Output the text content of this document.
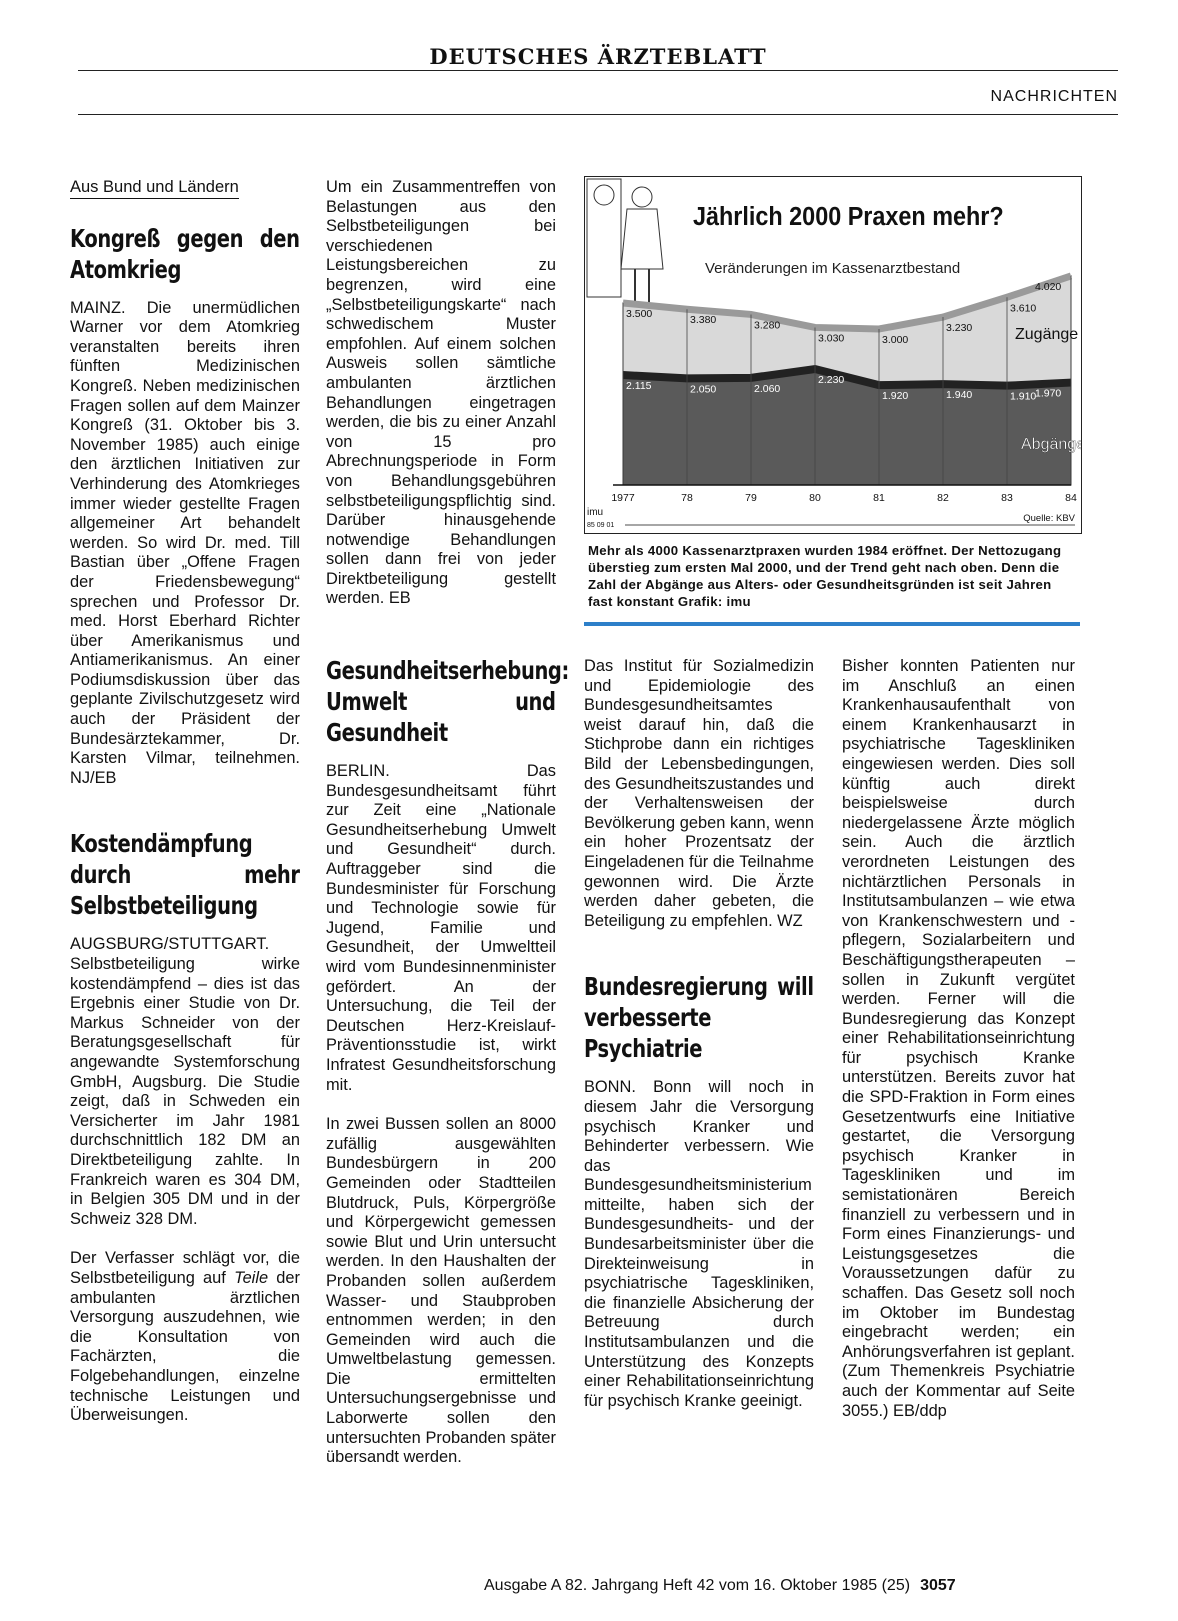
DEUTSCHES ÄRZTEBLATT
NACHRICHTEN
Aus Bund und Ländern
Kongreß gegen den Atomkrieg

MAINZ. Die unermüdlichen Warner vor dem Atomkrieg veranstalten bereits ihren fünften Medizinischen Kongreß. Neben medizinischen Fragen sollen auf dem Mainzer Kongreß (31. Oktober bis 3. November 1985) auch einige den ärztlichen Initiativen zur Verhinderung des Atomkrieges immer wieder gestellte Fragen allgemeiner Art behandelt werden. So wird Dr. med. Till Bastian über „Offene Fragen der Friedensbewegung“ sprechen und Professor Dr. med. Horst Eberhard Richter über Amerikanismus und Antiamerikanismus. An einer Podiumsdiskussion über das geplante Zivilschutzgesetz wird auch der Präsident der Bundesärztekammer, Dr. Karsten Vilmar, teilnehmen. NJ/EB

Kostendämpfung durch mehr Selbstbeteiligung

AUGSBURG/STUTTGART. Selbstbeteiligung wirke kostendämpfend – dies ist das Ergebnis einer Studie von Dr. Markus Schneider von der Beratungsgesellschaft für angewandte Systemforschung GmbH, Augsburg. Die Studie zeigt, daß in Schweden ein Versicherter im Jahr 1981 durchschnittlich 182 DM an Direktbeteiligung zahlte. In Frankreich waren es 304 DM, in Belgien 305 DM und in der Schweiz 328 DM.

Der Verfasser schlägt vor, die Selbstbeteiligung auf Teile der ambulanten ärztlichen Versorgung auszudehnen, wie die Konsultation von Fachärzten, die Folgebehandlungen, einzelne technische Leistungen und Überweisungen.

Um ein Zusammentreffen von Belastungen aus den Selbstbeteiligungen bei verschiedenen Leistungsbereichen zu begrenzen, wird eine „Selbstbeteiligungskarte“ nach schwedischem Muster empfohlen. Auf einem solchen Ausweis sollen sämtliche ambulanten ärztlichen Behandlungen eingetragen werden, die bis zu einer Anzahl von 15 pro Abrechnungsperiode in Form von Behandlungsgebühren selbstbeteiligungspflichtig sind. Darüber hinausgehende notwendige Behandlungen sollen dann frei von jeder Direktbeteiligung gestellt werden. EB

Gesundheitserhebung: Umwelt und Gesundheit

BERLIN. Das Bundesgesundheitsamt führt zur Zeit eine „Nationale Gesundheitserhebung Umwelt und Gesundheit“ durch. Auftraggeber sind die Bundesminister für Forschung und Technologie sowie für Jugend, Familie und Gesundheit, der Umweltteil wird vom Bundesinnenminister gefördert. An der Untersuchung, die Teil der Deutschen Herz-Kreislauf-Präventionsstudie ist, wirkt Infratest Gesundheitsforschung mit.

In zwei Bussen sollen an 8000 zufällig ausgewählten Bundesbürgern in 200 Gemeinden oder Stadtteilen Blutdruck, Puls, Körpergröße und Körpergewicht gemessen sowie Blut und Urin untersucht werden. In den Haushalten der Probanden sollen außerdem Wasser- und Staubproben entnommen werden; in den Gemeinden wird auch die Umweltbelastung gemessen. Die ermittelten Untersuchungsergebnisse und Laborwerte sollen den untersuchten Probanden später übersandt werden.

Jährlich 2000 Praxen mehr?
Veränderungen im Kassenarztbestand
3.500
2.115
3.380
2.050
3.280
2.060
3.030
2.230
3.000
1.920
3.230
1.940
3.610
1.910
4.020
1.970
Zugänge
Abgänge
1977	78	79	80	81	82	83	84
imu
85 09 01
Quelle: KBV
Mehr als 4000 Kassenarztpraxen wurden 1984 eröffnet. Der Nettozugang überstieg zum ersten Mal 2000, und der Trend geht nach oben. Denn die Zahl der Abgänge aus Alters- oder Gesundheitsgründen ist seit Jahren fast konstant Grafik: imu

Das Institut für Sozialmedizin und Epidemiologie des Bundesgesundheitsamtes weist darauf hin, daß die Stichprobe dann ein richtiges Bild der Lebensbedingungen, des Gesundheitszustandes und der Verhaltensweisen der Bevölkerung geben kann, wenn ein hoher Prozentsatz der Eingeladenen für die Teilnahme gewonnen wird. Die Ärzte werden daher gebeten, die Beteiligung zu empfehlen. WZ

Bundesregierung will verbesserte Psychiatrie

BONN. Bonn will noch in diesem Jahr die Versorgung psychisch Kranker und Behinderter verbessern. Wie das Bundesgesundheitsministerium mitteilte, haben sich der Bundesgesundheits- und der Bundesarbeitsminister über die Direkteinweisung in psychiatrische Tageskliniken, die finanzielle Absicherung der Betreuung durch Institutsambulanzen und die Unterstützung des Konzepts einer Rehabilitationseinrichtung für psychisch Kranke geeinigt.

Bisher konnten Patienten nur im Anschluß an einen Krankenhausaufenthalt von einem Krankenhausarzt in psychiatrische Tageskliniken eingewiesen werden. Dies soll künftig auch direkt beispielsweise durch niedergelassene Ärzte möglich sein. Auch die ärztlich verordneten Leistungen des nichtärztlichen Personals in Institutsambulanzen – wie etwa von Krankenschwestern und -pflegern, Sozialarbeitern und Beschäftigungstherapeuten – sollen in Zukunft vergütet werden. Ferner will die Bundesregierung das Konzept einer Rehabilitationseinrichtung für psychisch Kranke unterstützen. Bereits zuvor hat die SPD-Fraktion in Form eines Gesetzentwurfs eine Initiative gestartet, die Versorgung psychisch Kranker in Tageskliniken und im semistationären Bereich finanziell zu verbessern und in Form eines Finanzierungs- und Leistungsgesetzes die Voraussetzungen dafür zu schaffen. Das Gesetz soll noch im Oktober im Bundestag eingebracht werden; ein Anhörungsverfahren ist geplant. (Zum Themenkreis Psychiatrie auch der Kommentar auf Seite 3055.) EB/ddp

Ausgabe A 82. Jahrgang Heft 42 vom 16. Oktober 1985 (25) 3057
